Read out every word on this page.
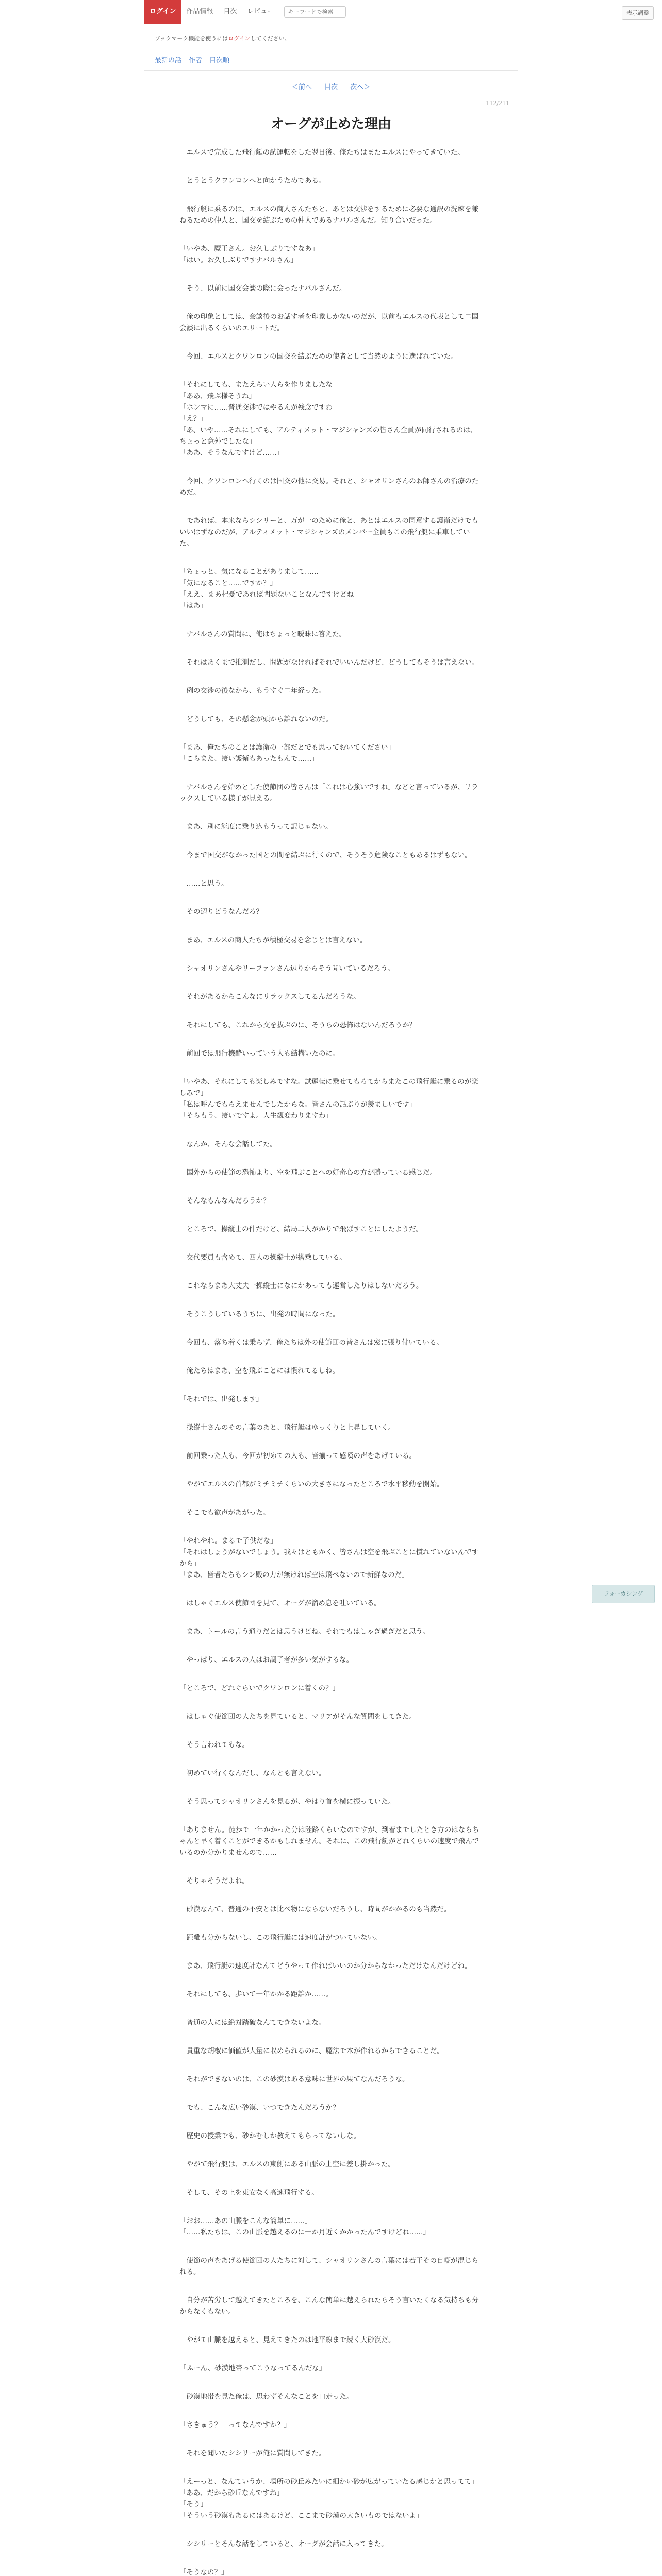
ログイン	作品情報	目次	レビュー
キーワードで検索	表示調整
ブックマーク機能を使うにはログインしてください。
最新の話 作者 目次順
＜前へ 目次 次へ＞
112/211
オーグが止めた理由

　エルスで完成した飛行艇の試運転をした翌日後。俺たちはまたエルスにやってきていた。

　とうとうクワンロンへと向かうためである。

　飛行艇に乗るのは、エルスの商人さんたちと、あとは交渉をするために必要な通訳の洗練を兼ねるための仲人と、国交を結ぶための仲人であるナバルさんだ。知り合いだった。

「いやあ、魔王さん。お久しぶりですなあ」
「はい。お久しぶりですナバルさん」

　そう、以前に国交会談の際に会ったナバルさんだ。

　俺の印象としては、会談後のお話す者を印象しかないのだが、以前もエルスの代表として二国会談に出るくらいのエリートだ。

　今回、エルスとクワンロンの国交を結ぶための使者として当然のように選ばれていた。

「それにしても、またえらい人らを作りましたな」
「ああ、飛ぶ様そうね」
「ホンマに……普通交渉ではやるんが残念ですわ」
「え？」
「あ、いや……それにしても、アルティメット・マジシャンズの皆さん全員が同行されるのは、ちょっと意外でしたな」
「ああ、そうなんですけど……」

　今回、クワンロンへ行くのは国交の他に交易。それと、シャオリンさんのお師さんの治療のためだ。

　であれば、本来ならシシリーと、万が一のために俺と、あとはエルスの同意する護衛だけでもいいはずなのだが、アルティメット・マジシャンズのメンバー全員もこの飛行艇に乗車していた。

「ちょっと、気になることがありまして……」
「気になること……ですか？」
「ええ、まあ杞憂であれば問題ないことなんですけどね」
「はあ」

　ナバルさんの質問に、俺はちょっと曖昧に答えた。

　それはあくまで推測だし、問題がなければそれでいいんだけど、どうしてもそうは言えない。

　例の交渉の後なから、もうすぐ二年経った。

　どうしても、その懸念が頭から離れないのだ。

「まあ、俺たちのことは護衛の一部だとでも思っておいてください」
「こらまた、凄い護衛もあったもんで……」

　ナバルさんを始めとした使節団の皆さんは「これは心強いですね」などと言っているが、リラックスしている様子が見える。

　まあ、別に態度に乗り込もうって訳じゃない。

　今まで国交がなかった国との間を結ぶに行くので、そうそう危険なこともあるはずもない。

　……と思う。

　その辺りどうなんだろ？

　まあ、エルスの商人たちが積極交易を念じとは言えない。

　シャオリンさんやリーファンさん辺りからそう聞いているだろう。

　それがあるからこんなにリラックスしてるんだろうな。

　それにしても、これから交を抜ぶのに、そうらの恐怖はないんだろうか？

　前回では飛行機酔いっていう人も結構いたのに。

「いやあ、それにしても楽しみですな。試運転に乗せてもろてからまたこの飛行艇に乗るのが楽しみで」
「私は呼んでもらえませんでしたからな。皆さんの話ぶりが羨ましいです」
「そらもう、凄いですよ。人生観変わりますわ」

　なんか、そんな会話してた。

　国外からの使節の恐怖より、空を飛ぶことへの好奇心の方が勝っている感じだ。

　そんなもんなんだろうか？

　ところで、操縦士の件だけど、結局二人がかりで飛ばすことにしたようだ。

　交代要員も含めて、四人の操縦士が搭乗している。

　これならまあ大丈夫一操縦士になにかあっても運営したりはしないだろう。

　そうこうしているうちに、出発の時間になった。

　今回も、落ち着くは乗らず、俺たちは外の使節団の皆さんは窓に張り付いている。

　俺たちはまあ、空を飛ぶことには慣れてるしね。

「それでは、出発します」

　操縦士さんのその言葉のあと、飛行艇はゆっくりと上昇していく。

　前回乗った人も、今回が初めての人も、皆揃って感嘆の声をあげている。

　やがてエルスの首都がミチミチくらいの大きさになったところで水平移動を開始。

　そこでも歓声があがった。

「やれやれ。まるで子供だな」
「それはしょうがないでしょう。我々はともかく、皆さんは空を飛ぶことに慣れていないんですから」
「まあ、皆者たちもシン殿の力が無ければ空は飛べないので新鮮なのだ」

　はしゃぐエルス使節団を見て、オーグが溜め息を吐いている。

　まあ、トールの言う通りだとは思うけどね。それでもはしゃぎ過ぎだと思う。

　やっぱり、エルスの人はお調子者が多い気がするな。

「ところで、どれぐらいでクワンロンに着くの？」

　はしゃぐ使節団の人たちを見ていると、マリアがそんな質問をしてきた。

　そう言われてもな。

　初めてい行くなんだし、なんとも言えない。

　そう思ってシャオリンさんを見るが、やはり首を横に振っていた。

「ありません。徒歩で一年かかった分は陸路くらいなのですが、到着までしたとき方のはならちゃんと早く着くことができるかもしれません。それに、この飛行艇がどれくらいの速度で飛んでいるのか分かりませんので……」

　そりゃそうだよね。

　砂漠なんて、普通の不安とは比べ物にならないだろうし、時間がかかるのも当然だ。

　距離も分からないし、この飛行艇には速度計がついていない。

　まあ、飛行艇の速度計なんてどうやって作ればいいのか分からなかっただけなんだけどね。

　それにしても、歩いて一年かかる距離か……。

　普通の人には絶対踏破なんてできないよな。

　貴重な胡椒に価値が大量に収められるのに、魔法で木が作れるからできることだ。

　それができないのは、この砂漠はある意味に世界の果てなんだろうな。

　でも、こんな広い砂漠、いつできたんだろうか？

　歴史の授業でも、砂かむしか教えてもらってないしな。

　やがて飛行艇は、エルスの東側にある山脈の上空に差し掛かった。

　そして、その上を東安なく高速飛行する。

「おお……あの山脈をこんな簡単に……」
「……私たちは、この山脈を越えるのに一か月近くかかったんですけどね……」

　使節の声をあげる使節団の人たちに対して、シャオリンさんの言葉には若干その自嘲が混じられる。

　自分が苦労して越えてきたところを、こんな簡単に越えられたらそう言いたくなる気持ちも分からなくもない。

　やがて山脈を越えると、見えてきたのは地平線まで続く大砂漠だ。

「ふーん、砂漠地帯ってこうなってるんだな」

　砂漠地帯を見た俺は、思わずそんなことを口走った。

「さきゅう？　ってなんですか？」

　それを聞いたシシリーが俺に質問してきた。

「えーっと、なんていうか、場所の砂丘みたいに細かい砂が広がっていたる感じかと思ってて」
「ああ、だから砂丘なんですね」
「そう」
「そういう砂漠もあるにはあるけど、ここまで砂漠の大きいものではないよ」

　シシリーとそんな話をしていると、オーグが会話に入ってきた。

「そうなの？」

フォーカシング
